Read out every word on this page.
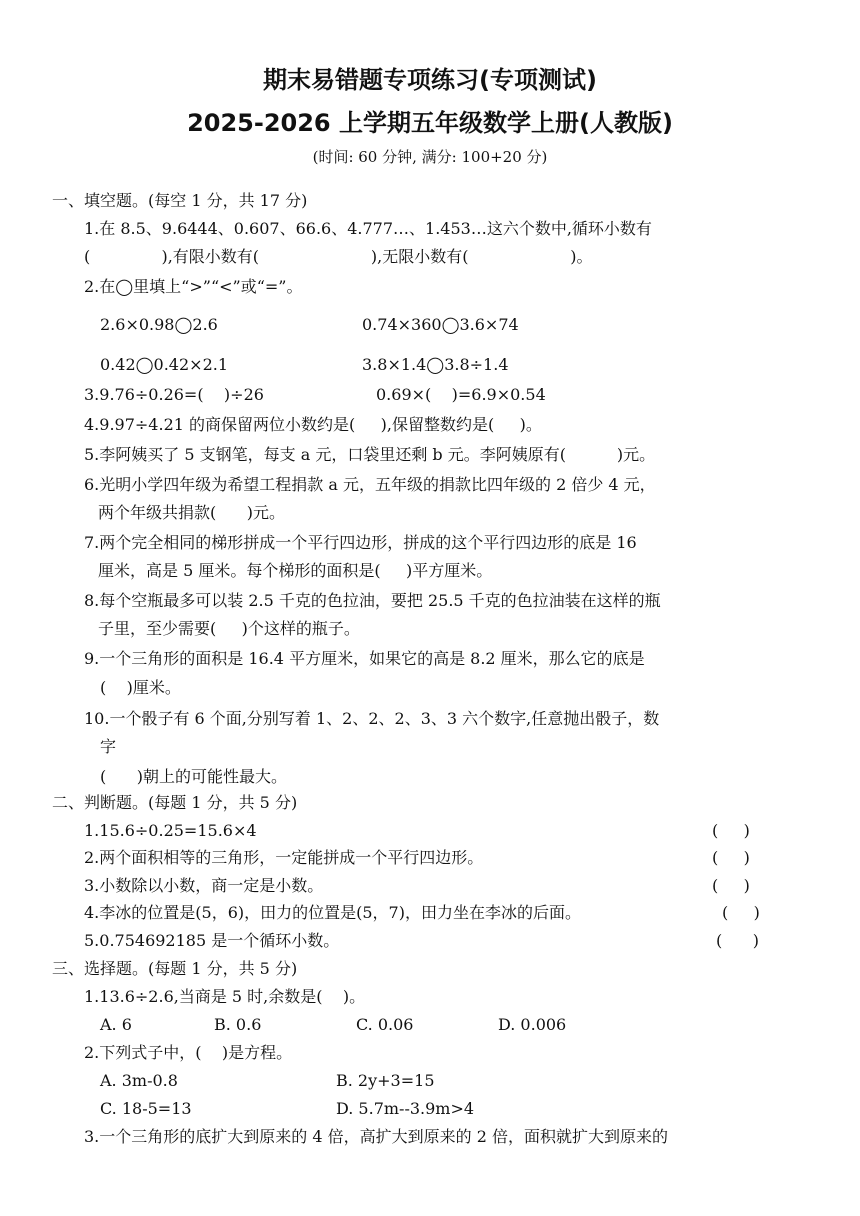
期末易错题专项练习(专项测试)
2025-2026 上学期五年级数学上册(人教版)
(时间: 60 分钟, 满分: 100+20 分)
一、填空题。(每空 1 分，共 17 分)
1.在 8.5、9.6444、0.607、66.6、4.777…、1.453…这六个数中,循环小数有
(              ),有限小数有(                      ),无限小数有(                    )。
2.在◯里填上“>”“<”或“=”。
2.6×0.98◯2.6	0.74×360◯3.6×74
0.42◯0.42×2.1	3.8×1.4◯3.8÷1.4
3.9.76÷0.26=(    )÷26	0.69×(    )=6.9×0.54
4.9.97÷4.21 的商保留两位小数约是(     ),保留整数约是(     )。
5.李阿姨买了 5 支钢笔，每支 a 元，口袋里还剩 b 元。李阿姨原有(          )元。
6.光明小学四年级为希望工程捐款 a 元，五年级的捐款比四年级的 2 倍少 4 元，
两个年级共捐款(      )元。
7.两个完全相同的梯形拼成一个平行四边形，拼成的这个平行四边形的底是 16
厘米，高是 5 厘米。每个梯形的面积是(     )平方厘米。
8.每个空瓶最多可以装 2.5 千克的色拉油，要把 25.5 千克的色拉油装在这样的瓶
子里，至少需要(     )个这样的瓶子。
9.一个三角形的面积是 16.4 平方厘米，如果它的高是 8.2 厘米，那么它的底是
(    )厘米。
10.一个骰子有 6 个面,分别写着 1、2、2、2、3、3 六个数字,任意抛出骰子，数
字
(      )朝上的可能性最大。
二、判断题。(每题 1 分，共 5 分)
1.15.6÷0.25=15.6×4	(     )
2.两个面积相等的三角形，一定能拼成一个平行四边形。	(     )
3.小数除以小数，商一定是小数。	(     )
4.李冰的位置是(5，6)，田力的位置是(5，7)，田力坐在李冰的后面。	(     )
5.0.754692185 是一个循环小数。	(      )
三、选择题。(每题 1 分，共 5 分)
1.13.6÷2.6,当商是 5 时,余数是(    )。
A. 6	B. 0.6	C. 0.06	D. 0.006
2.下列式子中，(    )是方程。
A. 3m-0.8	B. 2y+3=15
C. 18-5=13	D. 5.7m--3.9m>4
3.一个三角形的底扩大到原来的 4 倍，高扩大到原来的 2 倍，面积就扩大到原来的
